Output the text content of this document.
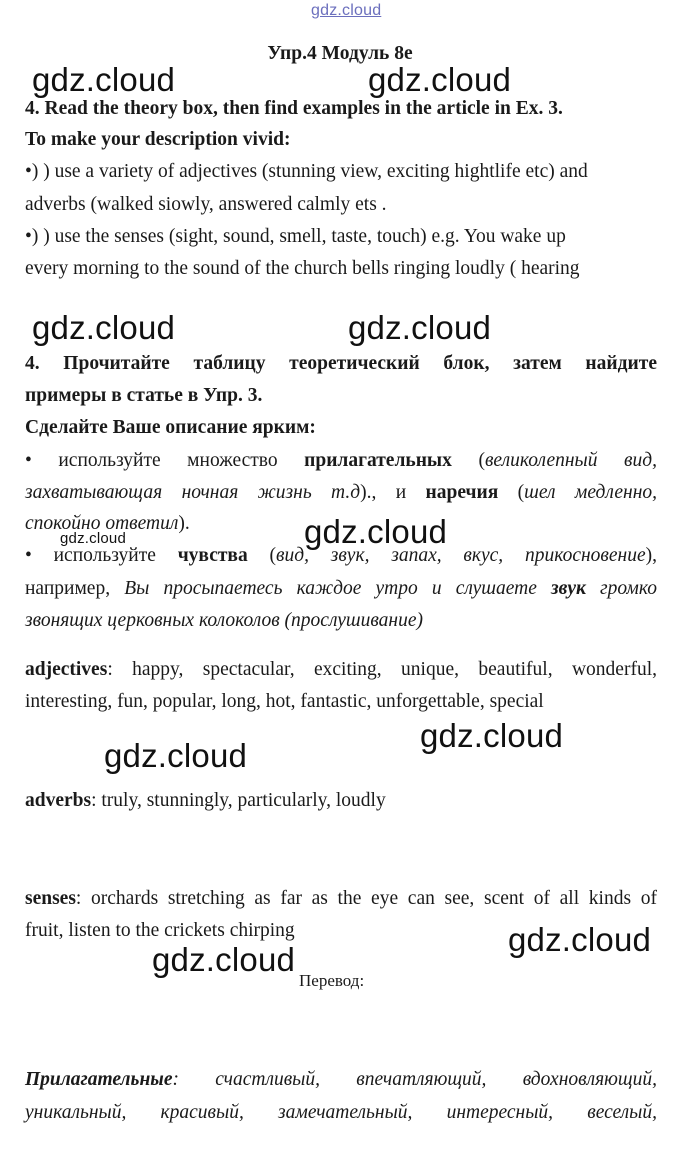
gdz.cloud
gdz.cloud	gdz.cloud
gdz.cloud	gdz.cloud
gdz.cloud
gdz.cloud
gdz.cloud
gdz.cloud
gdz.cloud
gdz.cloud
Упр.4 Модуль 8e
4. Read the theory box, then find examples in the article in Ex. 3.
To make your description vivid:
•) ) use a variety of adjectives (stunning view, exciting hightlife etc) and
adverbs (walked siowly, answered calmly ets .
•) ) use the senses (sight, sound, smell, taste, touch) e.g. You wake up
every morning to the sound of the church bells ringing loudly ( hearing
4. Прочитайте таблицу теоретический блок, затем найдите
примеры в статье в Упр. 3.
Сделайте Ваше описание ярким:
• используйте множество прилагательных (великолепный вид,
захватывающая ночная жизнь т.д)., и наречия (шел медленно,
спокойно ответил).
• используйте чувства (вид, звук, запах, вкус, прикосновение),
например, Вы просыпаетесь каждое утро и слушаете звук громко
звонящих церковных колоколов (прослушивание)
adjectives: happy, spectacular, exciting, unique, beautiful, wonderful,
interesting, fun, popular, long, hot, fantastic, unforgettable, special
adverbs: truly, stunningly, particularly, loudly
senses: orchards stretching as far as the eye can see, scent of all kinds of
fruit, listen to the crickets chirping
Перевод:
Прилагательные: счастливый, впечатляющий, вдохновляющий,
уникальный, красивый, замечательный, интересный, веселый,
